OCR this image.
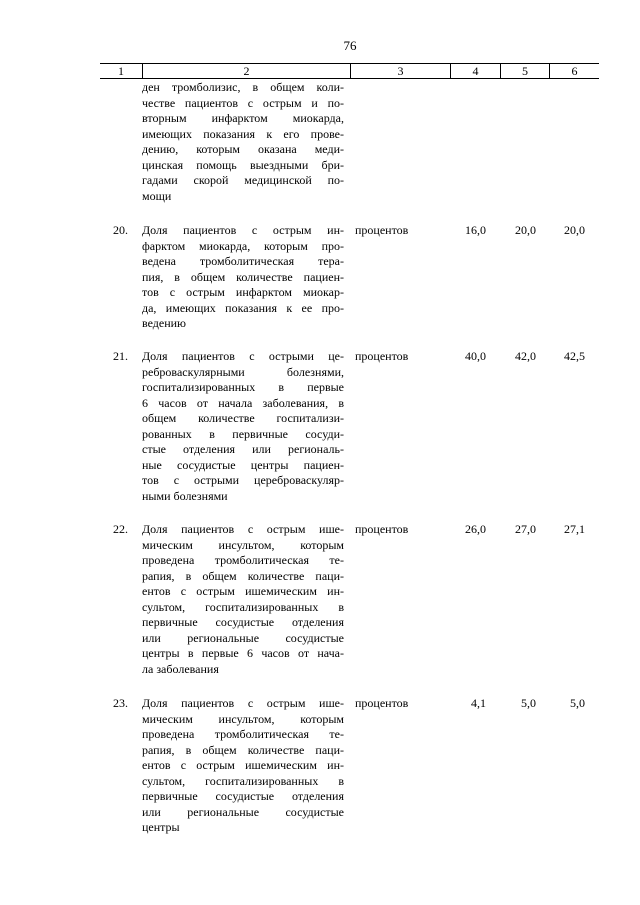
76
1	2	3	4	5	6
ден тромболизис, в общем коли-
честве пациентов с острым и по-
вторным инфарктом миокарда,
имеющих показания к его прове-
дению, которым оказана меди-
цинская помощь выездными бри-
гадами скорой медицинской по-
мощи
20. Доля пациентов с острым ин-
фарктом миокарда, которым про-
ведена тромболитическая тера-
пия, в общем количестве пациен-
тов с острым инфарктом миокар-
да, имеющих показания к ее про-
ведению
процентов	16,0	20,0	20,0
21. Доля пациентов с острыми це-
реброваскулярными болезнями,
госпитализированных в первые
6 часов от начала заболевания, в
общем количестве госпитализи-
рованных в первичные сосуди-
стые отделения или региональ-
ные сосудистые центры пациен-
тов с острыми цереброваскуляр-
ными болезнями
процентов	40,0	42,0	42,5
22. Доля пациентов с острым ише-
мическим инсультом, которым
проведена тромболитическая те-
рапия, в общем количестве паци-
ентов с острым ишемическим ин-
сультом, госпитализированных в
первичные сосудистые отделения
или региональные сосудистые
центры в первые 6 часов от нача-
ла заболевания
процентов	26,0	27,0	27,1
23. Доля пациентов с острым ише-
мическим инсультом, которым
проведена тромболитическая те-
рапия, в общем количестве паци-
ентов с острым ишемическим ин-
сультом, госпитализированных в
первичные сосудистые отделения
или региональные сосудистые
центры
процентов	4,1	5,0	5,0
